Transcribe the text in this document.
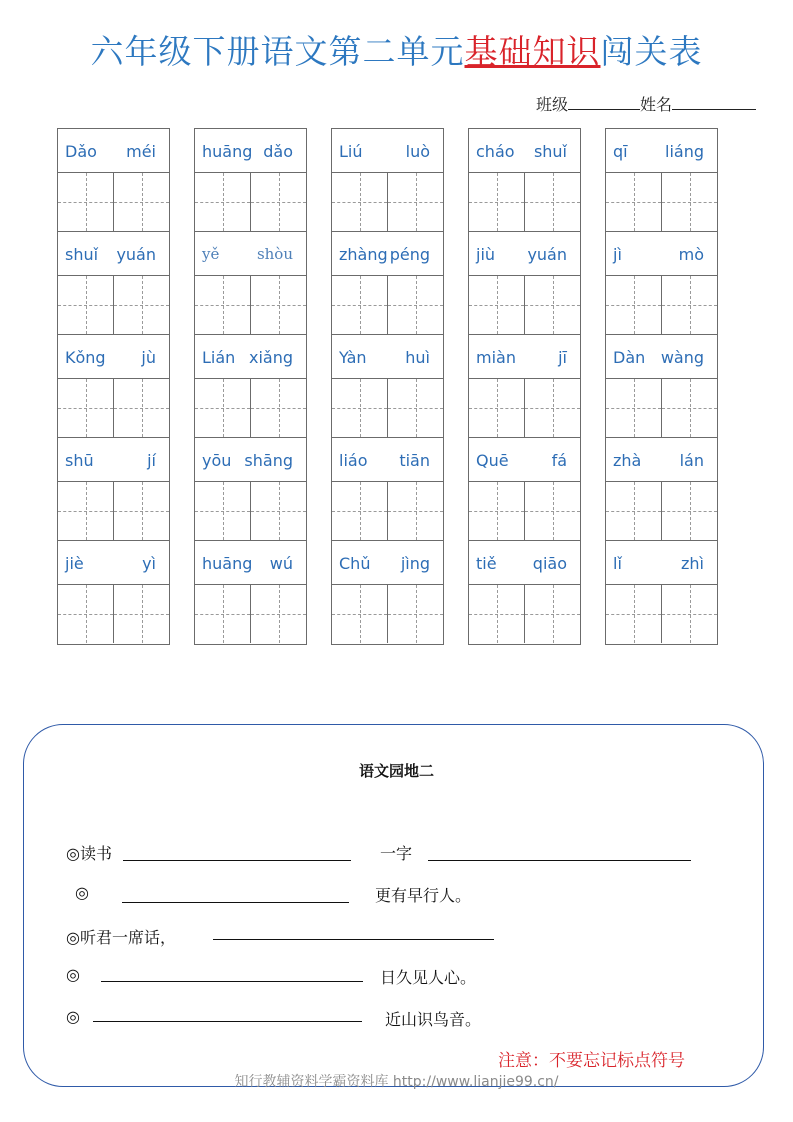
六年级下册语文第二单元基础知识闯关表
班级	姓名
Dǎo méi
shuǐ yuán
Kǒng jù
shū	jí
jiè	yì
huāng dǎo
yě	shòu
Lián xiǎng
yōu shāng
huāng wú
Liú	luò
zhàng péng
Yàn huì
liáo tiān
Chǔ jìng
cháo shuǐ
jiù yuán
miàn	jī
Quē	fá
tiě qiāo
qī liáng
jì	mò
Dàn wàng
zhà lán
lǐ	zhì
语文园地二
◎读书	一字
◎	更有早行人。
◎听君一席话，
◎	日久见人心。
◎	近山识鸟音。
注意：不要忘记标点符号
知行教辅资料学霸资料库 http://www.lianjie99.cn/
